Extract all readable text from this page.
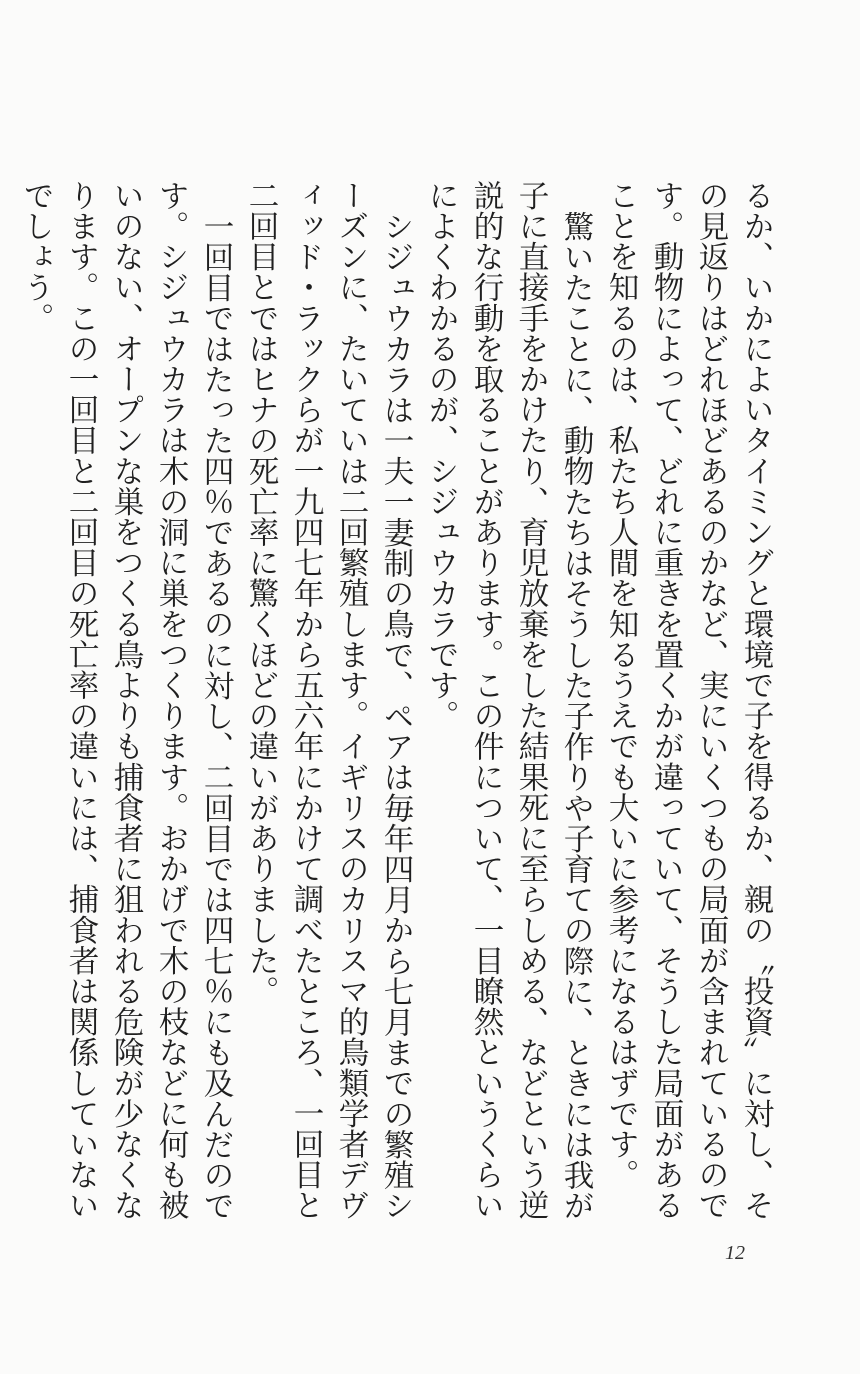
るか、いかによいタイミングと環境で子を得るか、親の〝投資〟に対し、その見返りはどれほどあるのかなど、実にいくつもの局面が含まれているのです。動物によって、どれに重きを置くかが違っていて、そうした局面があることを知るのは、私たち人間を知るうえでも大いに参考になるはずです。

驚いたことに、動物たちはそうした子作りや子育ての際に、ときには我が子に直接手をかけたり、育児放棄をした結果死に至らしめる、などという逆説的な行動を取ることがあります。この件について、一目瞭然というくらいによくわかるのが、シジュウカラです。

シジュウカラは一夫一妻制の鳥で、ペアは毎年四月から七月までの繁殖シーズンに、たいていは二回繁殖します。イギリスのカリスマ的鳥類学者デヴィッド・ラックらが一九四七年から五六年にかけて調べたところ、一回目と二回目とではヒナの死亡率に驚くほどの違いがありました。

一回目ではたった四％であるのに対し、二回目では四七％にも及んだのです。シジュウカラは木の洞に巣をつくります。おかげで木の枝などに何も被いのない、オープンな巣をつくる鳥よりも捕食者に狙われる危険が少なくなります。この一回目と二回目の死亡率の違いには、捕食者は関係していないでしょう。

12
